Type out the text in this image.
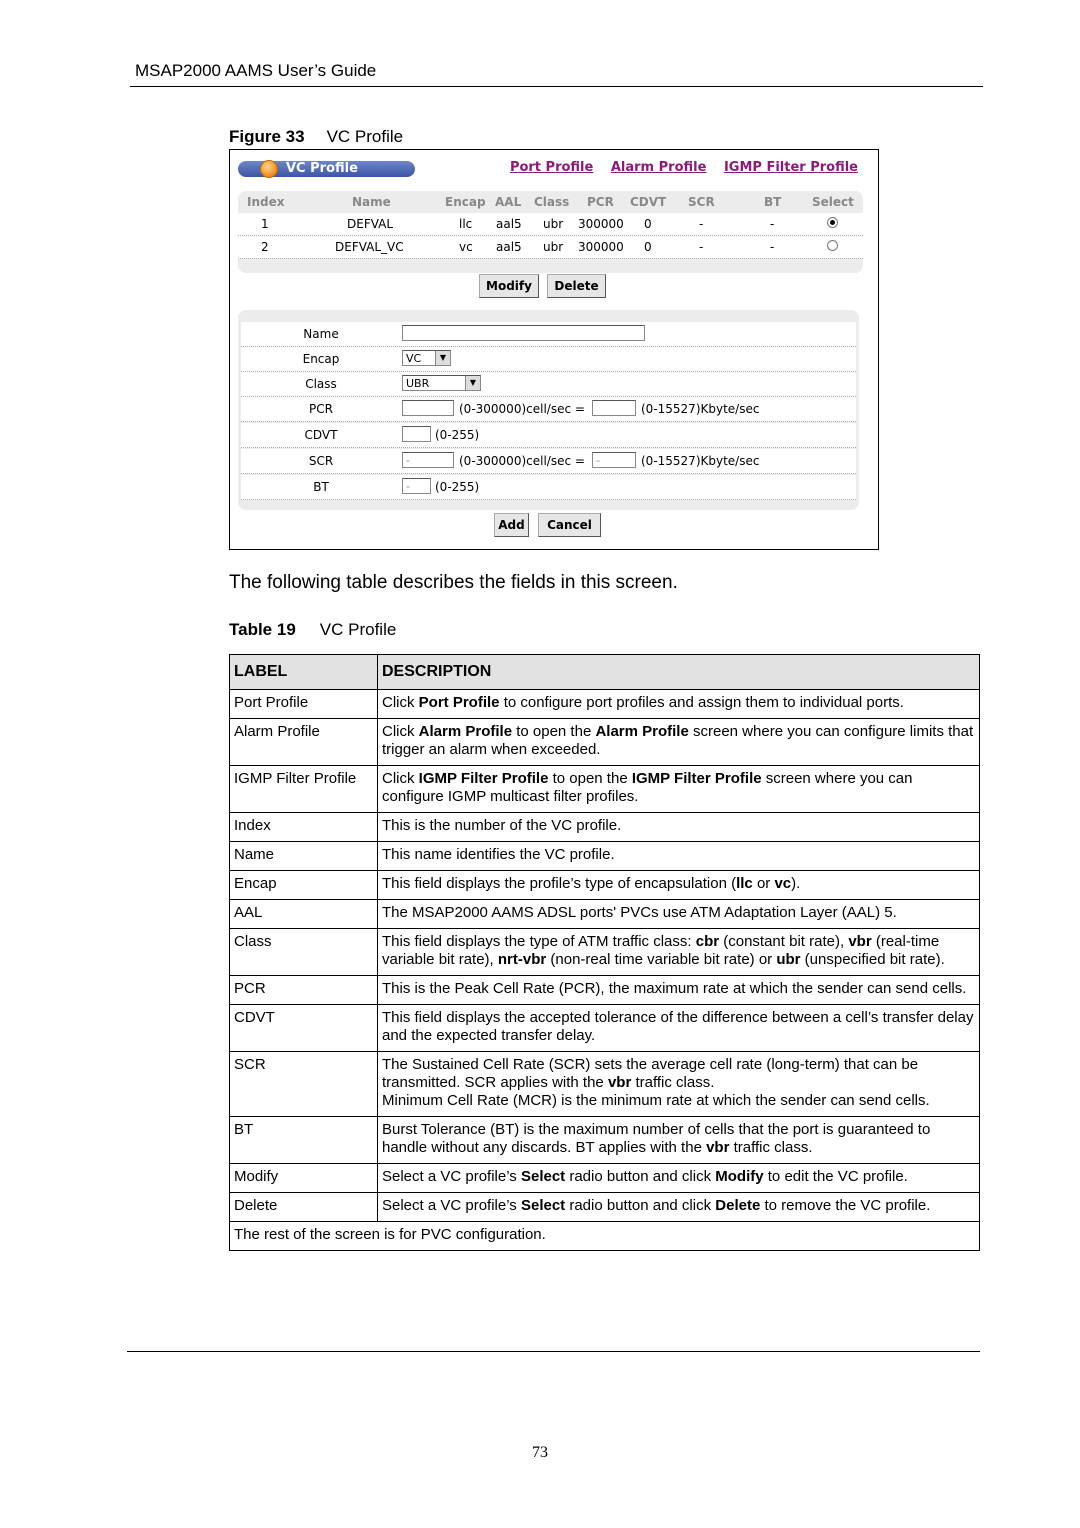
MSAP2000 AAMS User’s Guide
Figure 33 VC Profile
VC Profile	Port Profile Alarm Profile IGMP Filter Profile
Index	Name	Encap AAL Class PCR CDVT SCR	BT	Select
1	DEFVAL	llc aal5 ubr 300000 0	-	-
2	DEFVAL_VC	vc aal5 ubr 300000 0	-	-
Modify	Delete
Name
Encap	VC	▼
Class	UBR	▼
PCR	(0-300000)cell/sec =	(0-15527)Kbyte/sec
CDVT	(0-255)
SCR	-	(0-300000)cell/sec =	-	(0-15527)Kbyte/sec
BT	-	(0-255)
Add	Cancel
The following table describes the fields in this screen.
Table 19 VC Profile
LABEL	DESCRIPTION
Port Profile	Click Port Profile to configure port profiles and assign them to individual ports.
Alarm Profile	Click Alarm Profile to open the Alarm Profile screen where you can configure limits that trigger an alarm when exceeded.
IGMP Filter Profile	Click IGMP Filter Profile to open the IGMP Filter Profile screen where you can configure IGMP multicast filter profiles.
Index	This is the number of the VC profile.
Name	This name identifies the VC profile.
Encap	This field displays the profile’s type of encapsulation (llc or vc).
AAL	The MSAP2000 AAMS ADSL ports' PVCs use ATM Adaptation Layer (AAL) 5.
Class	This field displays the type of ATM traffic class: cbr (constant bit rate), vbr (real-time variable bit rate), nrt-vbr (non-real time variable bit rate) or ubr (unspecified bit rate).
PCR	This is the Peak Cell Rate (PCR), the maximum rate at which the sender can send cells.
CDVT	This field displays the accepted tolerance of the difference between a cell’s transfer delay and the expected transfer delay.
SCR	The Sustained Cell Rate (SCR) sets the average cell rate (long-term) that can be transmitted. SCR applies with the vbr traffic class.
Minimum Cell Rate (MCR) is the minimum rate at which the sender can send cells.
BT	Burst Tolerance (BT) is the maximum number of cells that the port is guaranteed to handle without any discards. BT applies with the vbr traffic class.
Modify	Select a VC profile’s Select radio button and click Modify to edit the VC profile.
Delete	Select a VC profile’s Select radio button and click Delete to remove the VC profile.
The rest of the screen is for PVC configuration.	
73
